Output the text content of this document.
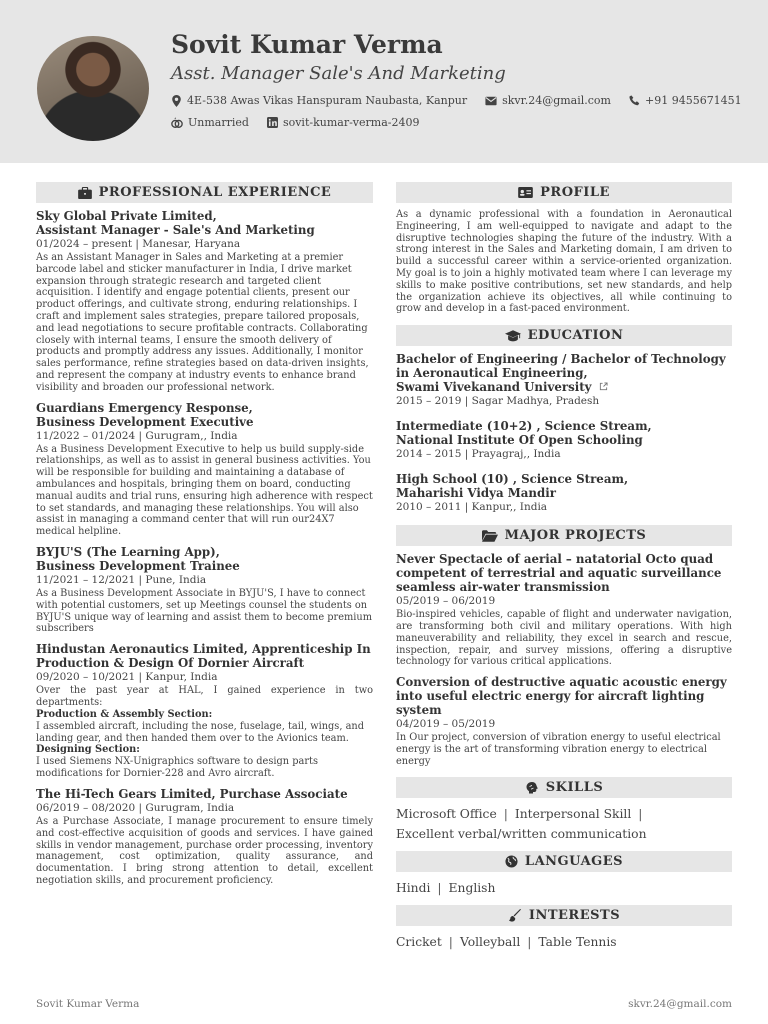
Sovit Kumar Verma
Asst. Manager Sale's And Marketing
4E-538 Awas Vikas Hanspuram Naubasta, Kanpur	skvr.24@gmail.com	+91 9455671451
Unmarried	sovit-kumar-verma-2409
PROFESSIONAL EXPERIENCE
Sky Global Private Limited,
Assistant Manager - Sale's And Marketing
01/2024 – present | Manesar, Haryana
As an Assistant Manager in Sales and Marketing at a premier barcode label and sticker manufacturer in India, I drive market expansion through strategic research and targeted client acquisition. I identify and engage potential clients, present our product offerings, and cultivate strong, enduring relationships. I craft and implement sales strategies, prepare tailored proposals, and lead negotiations to secure profitable contracts. Collaborating closely with internal teams, I ensure the smooth delivery of products and promptly address any issues. Additionally, I monitor sales performance, refine strategies based on data-driven insights, and represent the company at industry events to enhance brand visibility and broaden our professional network.
Guardians Emergency Response,
Business Development Executive
11/2022 – 01/2024 | Gurugram,, India
As a Business Development Executive to help us build supply-side relationships, as well as to assist in general business activities. You will be responsible for building and maintaining a database of ambulances and hospitals, bringing them on board, conducting manual audits and trial runs, ensuring high adherence with respect to set standards, and managing these relationships. You will also assist in managing a command center that will run our24X7 medical helpline.
BYJU'S (The Learning App),
Business Development Trainee
11/2021 – 12/2021 | Pune, India
As a Business Development Associate in BYJU'S, I have to connect with potential customers, set up Meetings counsel the students on BYJU'S unique way of learning and assist them to become premium subscribers
Hindustan Aeronautics Limited, Apprenticeship In
Production & Design Of Dornier Aircraft
09/2020 – 10/2021 | Kanpur, India
Over the past year at HAL, I gained experience in two departments:
Production & Assembly Section:
I assembled aircraft, including the nose, fuselage, tail, wings, and landing gear, and then handed them over to the Avionics team.
Designing Section:
I used Siemens NX-Unigraphics software to design parts modifications for Dornier-228 and Avro aircraft.
The Hi-Tech Gears Limited, Purchase Associate
06/2019 – 08/2020 | Gurugram, India
As a Purchase Associate, I manage procurement to ensure timely and cost-effective acquisition of goods and services. I have gained skills in vendor management, purchase order processing, inventory management, cost optimization, quality assurance, and documentation. I bring strong attention to detail, excellent negotiation skills, and procurement proficiency.
PROFILE
As a dynamic professional with a foundation in Aeronautical Engineering, I am well-equipped to navigate and adapt to the disruptive technologies shaping the future of the industry. With a strong interest in the Sales and Marketing domain, I am driven to build a successful career within a service-oriented organization. My goal is to join a highly motivated team where I can leverage my skills to make positive contributions, set new standards, and help the organization achieve its objectives, all while continuing to grow and develop in a fast-paced environment.
EDUCATION
Bachelor of Engineering / Bachelor of Technology
in Aeronautical Engineering,
Swami Vivekanand University
2015 – 2019 | Sagar Madhya, Pradesh
Intermediate (10+2) , Science Stream,
National Institute Of Open Schooling
2014 – 2015 | Prayagraj,, India
High School (10) , Science Stream,
Maharishi Vidya Mandir
2010 – 2011 | Kanpur,, India
MAJOR PROJECTS
Never Spectacle of aerial – natatorial Octo quad competent of terrestrial and aquatic surveillance seamless air-water transmission
05/2019 – 06/2019
Bio-inspired vehicles, capable of flight and underwater navigation, are transforming both civil and military operations. With high maneuverability and reliability, they excel in search and rescue, inspection, repair, and survey missions, offering a disruptive technology for various critical applications.
Conversion of destructive aquatic acoustic energy into useful electric energy for aircraft lighting system
04/2019 – 05/2019
In Our project, conversion of vibration energy to useful electrical energy is the art of transforming vibration energy to electrical energy
SKILLS
Microsoft Office | Interpersonal Skill |
Excellent verbal/written communication
LANGUAGES
Hindi | English
INTERESTS
Cricket | Volleyball | Table Tennis
Sovit Kumar Verma	skvr.24@gmail.com
